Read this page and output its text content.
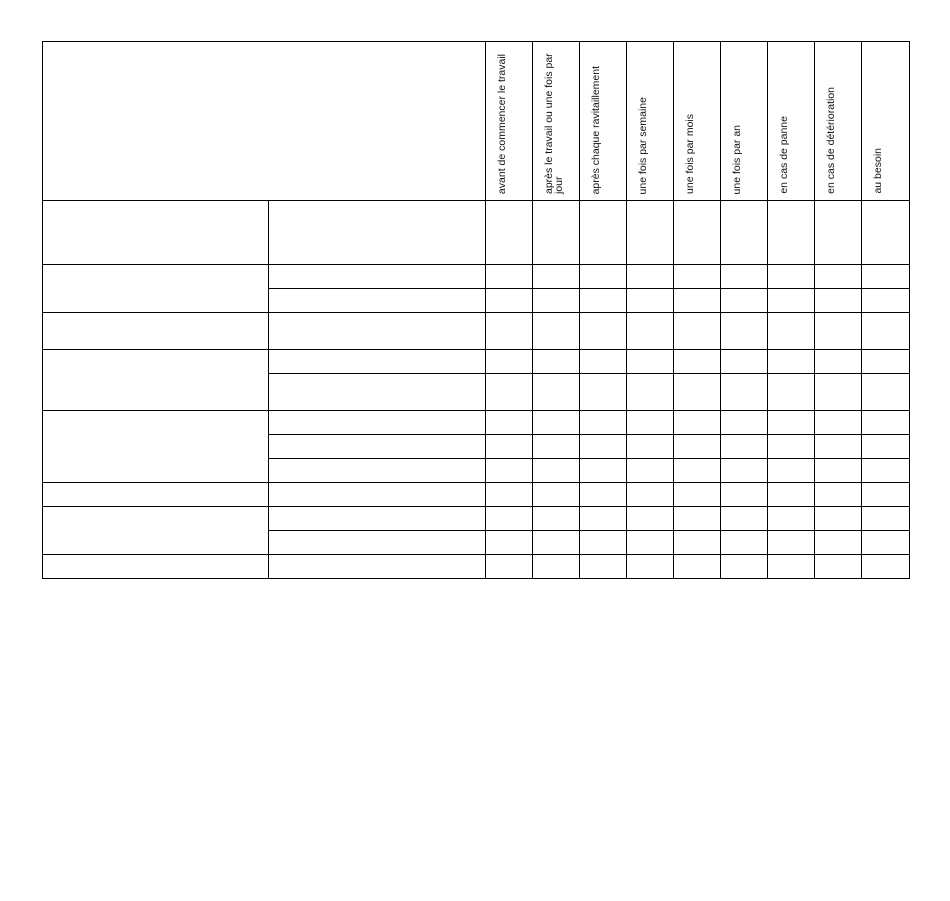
		avant de commencer le travail	après le travail ou une fois par jour	après chaque ravitaillement	une fois par semaine	une fois par mois	une fois par an	en cas de panne	en cas de détérioration	au besoin
